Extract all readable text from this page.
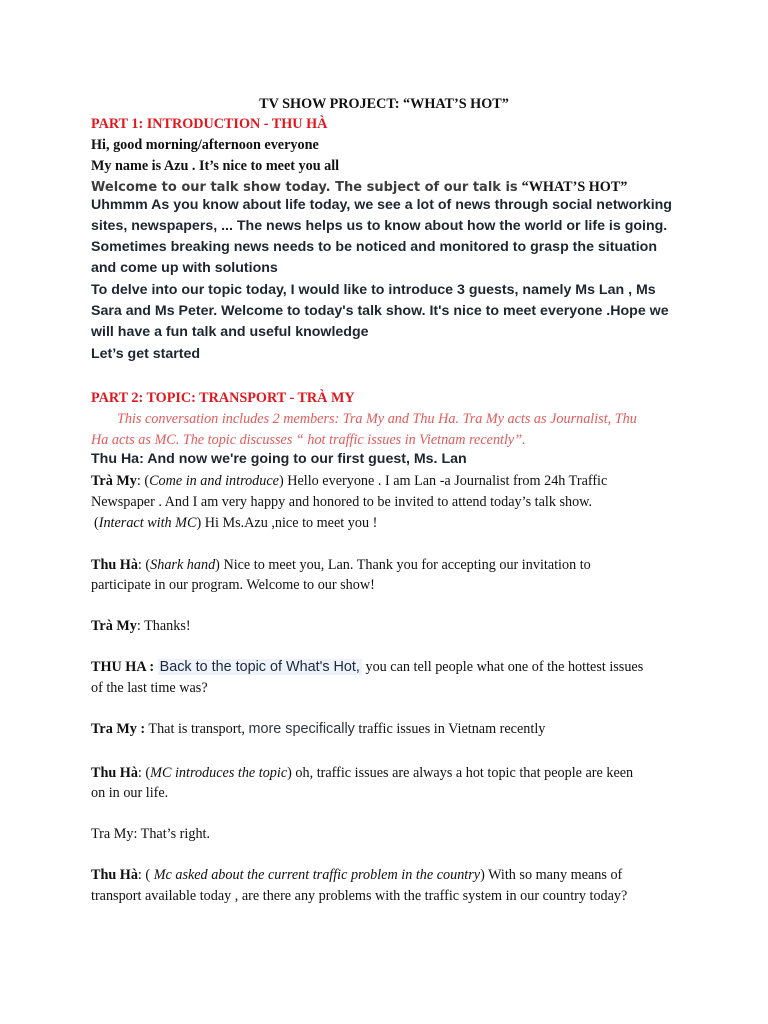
TV SHOW PROJECT: “WHAT’S HOT”
PART 1: INTRODUCTION - THU HÀ
Hi, good morning/afternoon everyone
My name is Azu . It’s nice to meet you all
Welcome to our talk show today. The subject of our talk is “WHAT’S HOT”
Uhmmm As you know about life today, we see a lot of news through social networking
sites, newspapers, ... The news helps us to know about how the world or life is going.
Sometimes breaking news needs to be noticed and monitored to grasp the situation
and come up with solutions
To delve into our topic today, I would like to introduce 3 guests, namely Ms Lan , Ms
Sara and Ms Peter. Welcome to today's talk show. It's nice to meet everyone .Hope we
will have a fun talk and useful knowledge
Let’s get started
PART 2: TOPIC: TRANSPORT - TRÀ MY
This conversation includes 2 members: Tra My and Thu Ha. Tra My acts as Journalist, Thu
Ha acts as MC. The topic discusses “ hot traffic issues in Vietnam recently”.
Thu Ha: And now we're going to our first guest, Ms. Lan
Trà My: (Come in and introduce) Hello everyone . I am Lan -a Journalist from 24h Traffic
Newspaper . And I am very happy and honored to be invited to attend today’s talk show.
(Interact with MC) Hi Ms.Azu ,nice to meet you !
Thu Hà: (Shark hand) Nice to meet you, Lan. Thank you for accepting our invitation to
participate in our program. Welcome to our show!
Trà My: Thanks!
THU HA : Back to the topic of What's Hot, you can tell people what one of the hottest issues
of the last time was?
Tra My : That is transport, more specifically traffic issues in Vietnam recently
Thu Hà: (MC introduces the topic) oh, traffic issues are always a hot topic that people are keen
on in our life.
Tra My: That’s right.
Thu Hà: ( Mc asked about the current traffic problem in the country) With so many means of
transport available today , are there any problems with the traffic system in our country today?
